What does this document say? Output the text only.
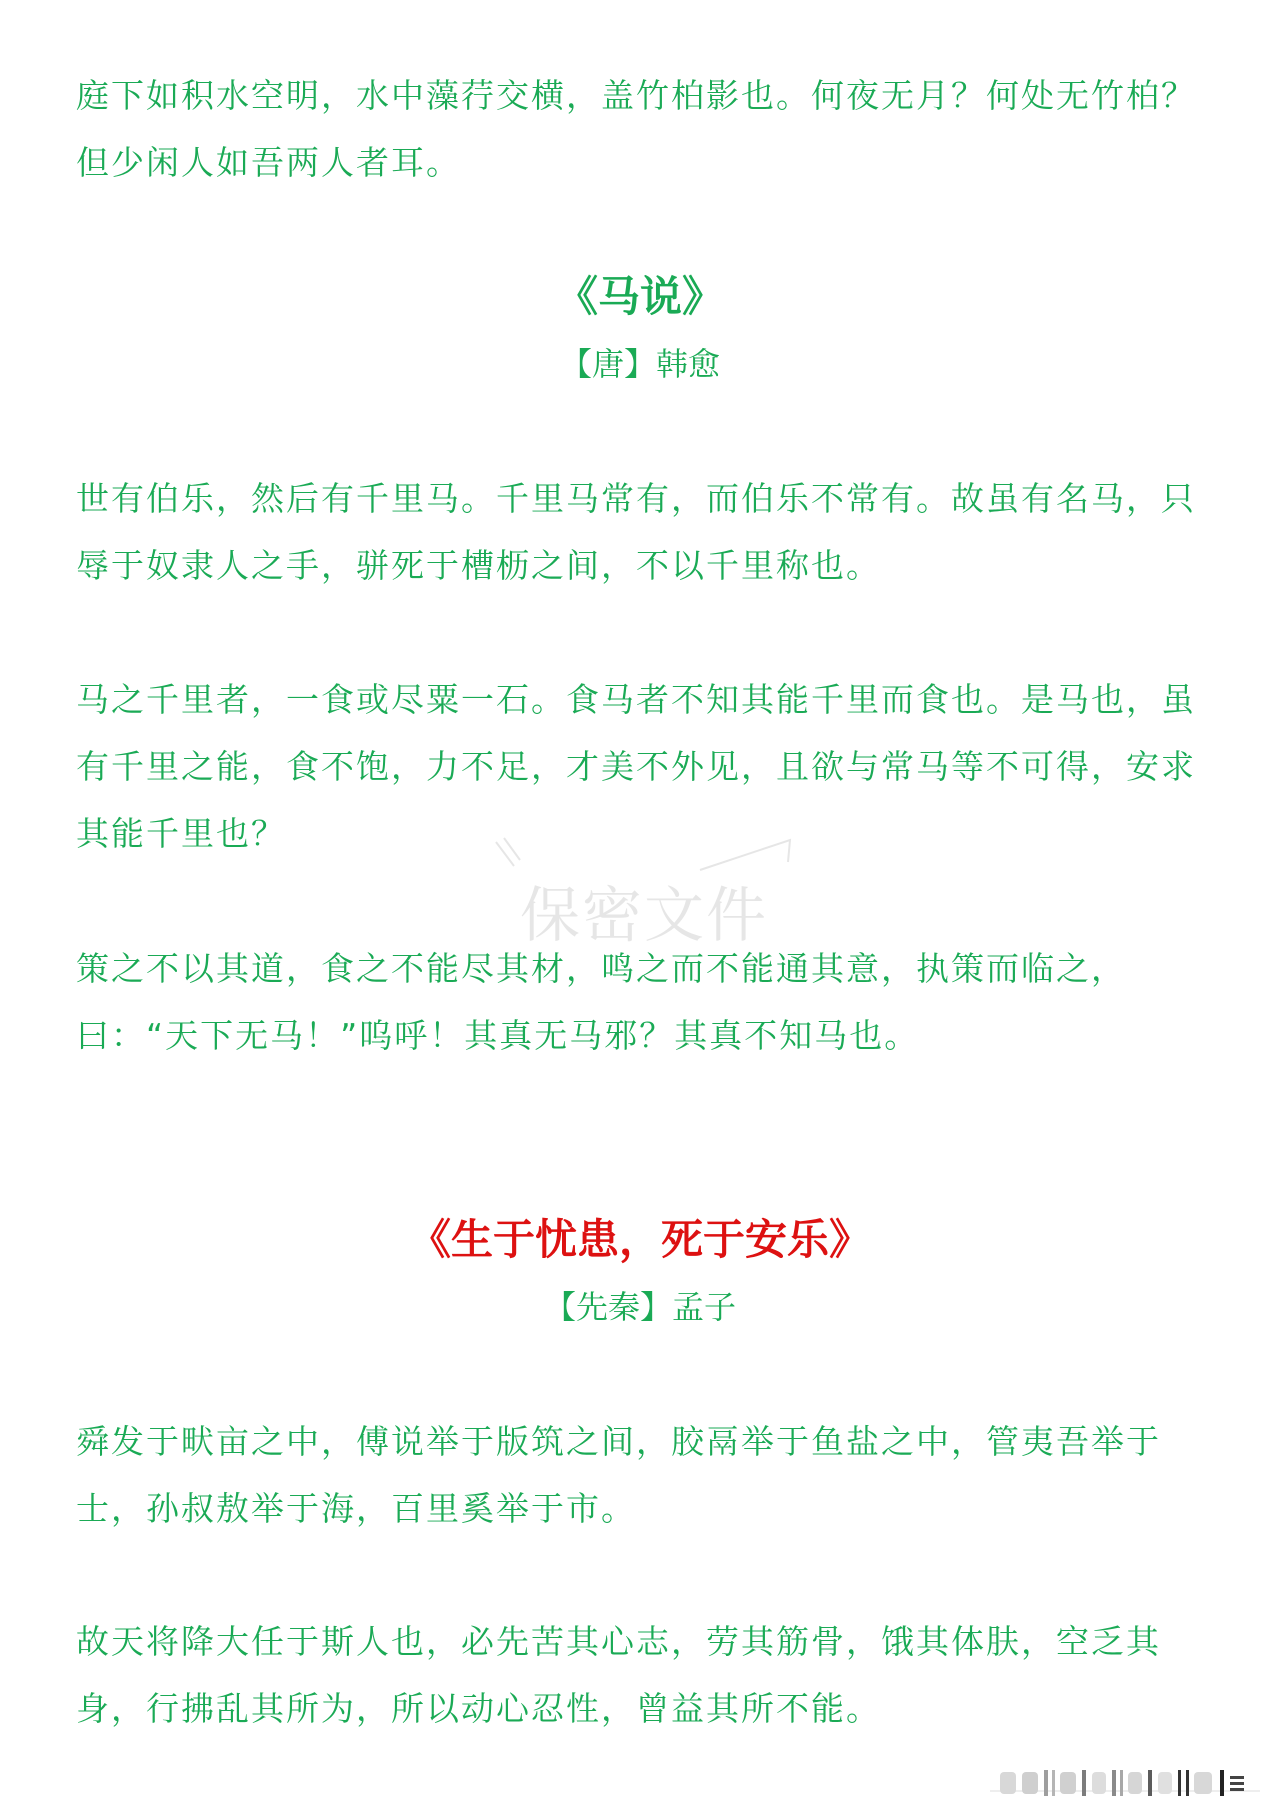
庭下如积水空明，水中藻荇交横，盖竹柏影也。何夜无月？何处无竹柏？但少闲人如吾两人者耳。

《马说》
【唐】韩愈

世有伯乐，然后有千里马。千里马常有，而伯乐不常有。故虽有名马，只辱于奴隶人之手，骈死于槽枥之间，不以千里称也。

马之千里者，一食或尽粟一石。食马者不知其能千里而食也。是马也，虽有千里之能，食不饱，力不足，才美不外见，且欲与常马等不可得，安求其能千里也？

策之不以其道，食之不能尽其材，鸣之而不能通其意，执策而临之，曰：“天下无马！”呜呼！其真无马邪？其真不知马也。

保密文件
《生于忧患，死于安乐》
【先秦】孟子

舜发于畎亩之中，傅说举于版筑之间，胶鬲举于鱼盐之中，管夷吾举于士，孙叔敖举于海，百里奚举于市。

故天将降大任于斯人也，必先苦其心志，劳其筋骨，饿其体肤，空乏其身，行拂乱其所为，所以动心忍性，曾益其所不能。
